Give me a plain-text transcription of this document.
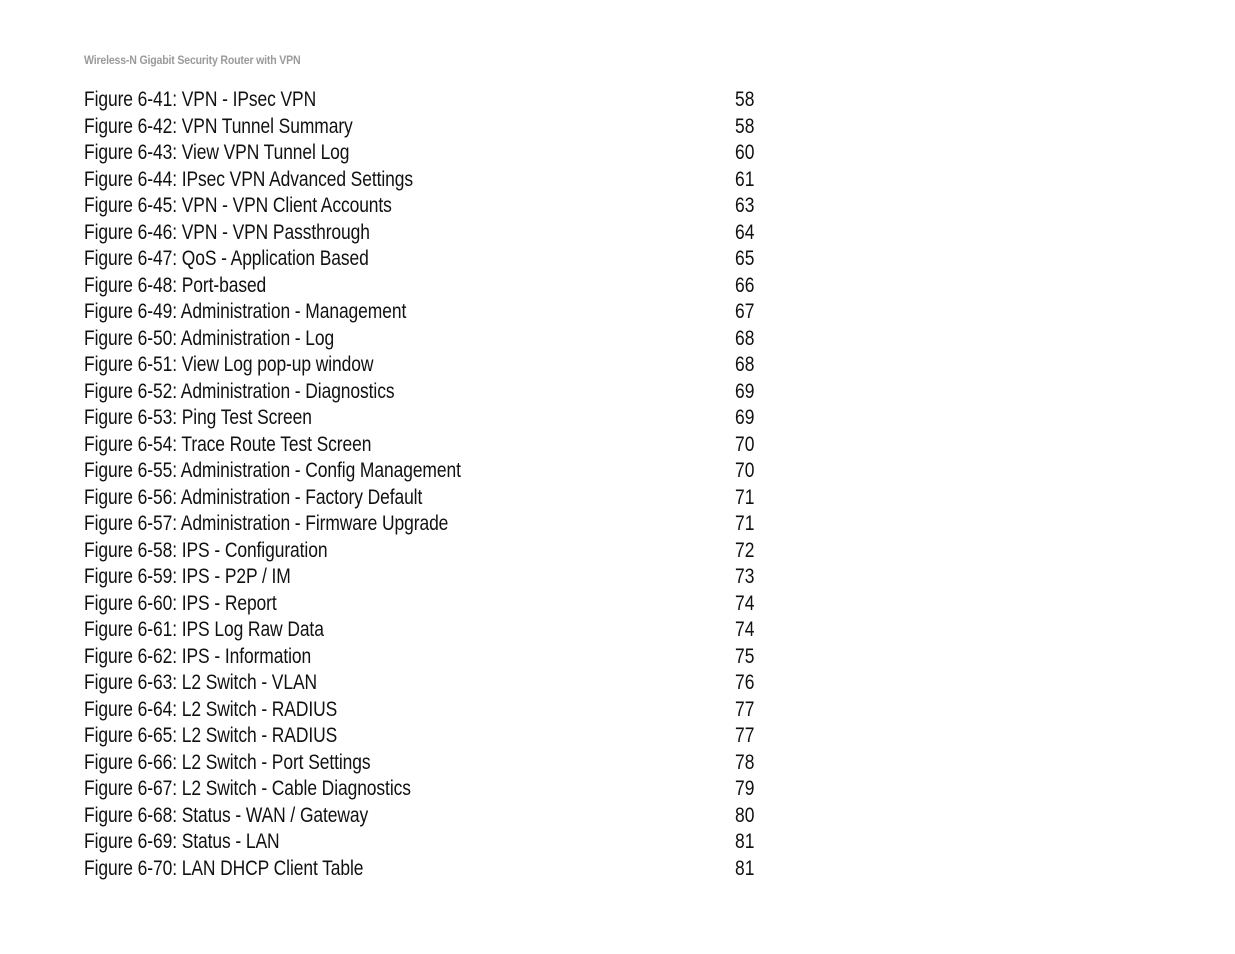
Wireless-N Gigabit Security Router with VPN
Figure 6-41: VPN - IPsec VPN	58
Figure 6-42: VPN Tunnel Summary	58
Figure 6-43: View VPN Tunnel Log	60
Figure 6-44: IPsec VPN Advanced Settings	61
Figure 6-45: VPN - VPN Client Accounts	63
Figure 6-46: VPN - VPN Passthrough	64
Figure 6-47: QoS - Application Based	65
Figure 6-48: Port-based	66
Figure 6-49: Administration - Management	67
Figure 6-50: Administration - Log	68
Figure 6-51: View Log pop-up window	68
Figure 6-52: Administration - Diagnostics	69
Figure 6-53: Ping Test Screen	69
Figure 6-54: Trace Route Test Screen	70
Figure 6-55: Administration - Config Management	70
Figure 6-56: Administration - Factory Default	71
Figure 6-57: Administration - Firmware Upgrade	71
Figure 6-58: IPS - Configuration	72
Figure 6-59: IPS - P2P / IM	73
Figure 6-60: IPS - Report	74
Figure 6-61: IPS Log Raw Data	74
Figure 6-62: IPS - Information	75
Figure 6-63: L2 Switch - VLAN	76
Figure 6-64: L2 Switch - RADIUS	77
Figure 6-65: L2 Switch - RADIUS	77
Figure 6-66: L2 Switch - Port Settings	78
Figure 6-67: L2 Switch - Cable Diagnostics	79
Figure 6-68: Status - WAN / Gateway	80
Figure 6-69: Status - LAN	81
Figure 6-70: LAN DHCP Client Table	81
